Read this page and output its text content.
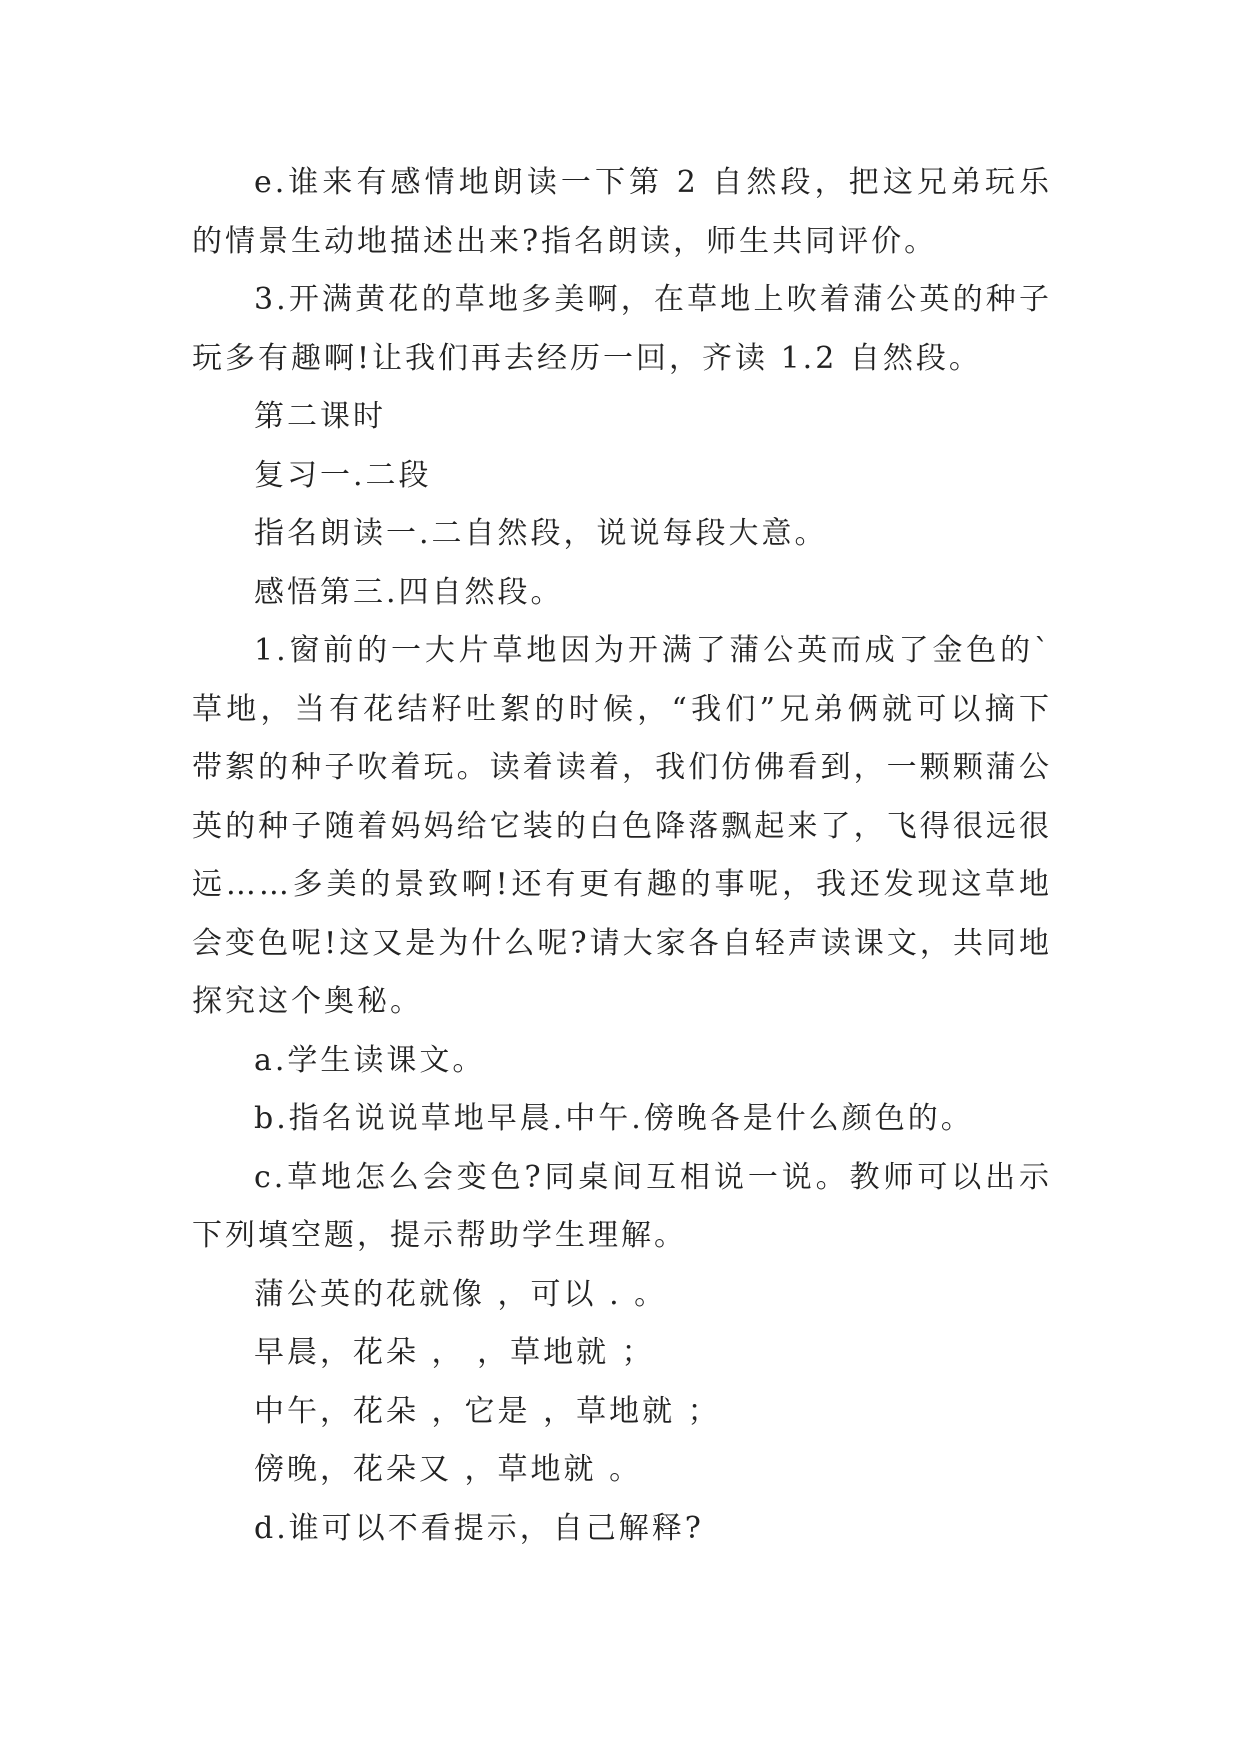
e.谁来有感情地朗读一下第 2 自然段，把这兄弟玩乐的情景生动地描述出来?指名朗读，师生共同评价。

3.开满黄花的草地多美啊，在草地上吹着蒲公英的种子玩多有趣啊!让我们再去经历一回，齐读 1.2 自然段。

第二课时

复习一.二段

指名朗读一.二自然段，说说每段大意。

感悟第三.四自然段。

1.窗前的一大片草地因为开满了蒲公英而成了金色的`草地，当有花结籽吐絮的时候，“我们”兄弟俩就可以摘下带絮的种子吹着玩。读着读着，我们仿佛看到，一颗颗蒲公英的种子随着妈妈给它装的白色降落飘起来了，飞得很远很远……多美的景致啊!还有更有趣的事呢，我还发现这草地会变色呢!这又是为什么呢?请大家各自轻声读课文，共同地探究这个奥秘。

a.学生读课文。

b.指名说说草地早晨.中午.傍晚各是什么颜色的。

c.草地怎么会变色?同桌间互相说一说。教师可以出示下列填空题，提示帮助学生理解。

蒲公英的花就像 ，可以 . 。

早晨，花朵 ， ，草地就 ；

中午，花朵 ，它是 ，草地就 ；

傍晚，花朵又 ，草地就 。

d.谁可以不看提示，自己解释?
